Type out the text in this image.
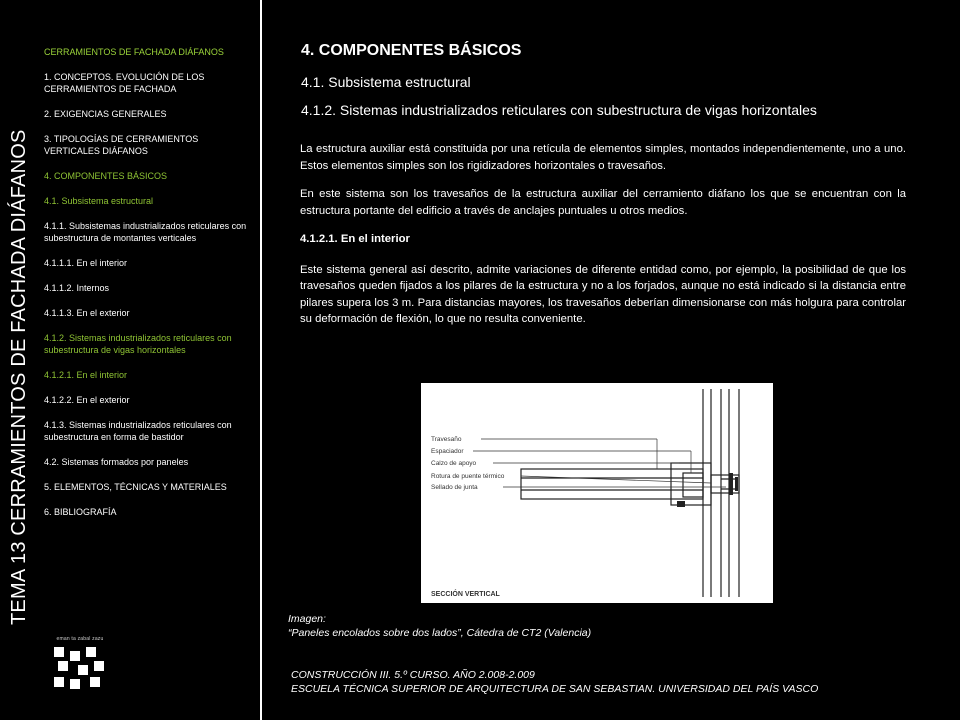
TEMA 13 CERRAMIENTOS DE FACHADA DIÁFANOS
CERRAMIENTOS DE FACHADA DIÁFANOS
1. CONCEPTOS. EVOLUCIÓN DE LOS CERRAMIENTOS DE FACHADA
2. EXIGENCIAS GENERALES
3. TIPOLOGÍAS DE CERRAMIENTOS VERTICALES DIÁFANOS
4. COMPONENTES BÁSICOS
4.1. Subsistema estructural
4.1.1. Subsistemas industrializados reticulares con subestructura de montantes verticales
4.1.1.1. En el interior
4.1.1.2. Internos
4.1.1.3. En el exterior
4.1.2. Sistemas industrializados reticulares con subestructura de vigas horizontales
4.1.2.1. En el interior
4.1.2.2. En el exterior
4.1.3. Sistemas industrializados reticulares con subestructura en forma de bastidor
4.2. Sistemas formados por paneles
5. ELEMENTOS, TÉCNICAS Y MATERIALES
6. BIBLIOGRAFÍA
eman ta zabal zazu
4. COMPONENTES BÁSICOS
4.1. Subsistema estructural
4.1.2. Sistemas industrializados reticulares con subestructura de vigas horizontales

La estructura auxiliar está constituida por una retícula de elementos simples, montados independientemente, uno a uno. Estos elementos simples son los rigidizadores horizontales o travesaños.

En este sistema son los travesaños de la estructura auxiliar del cerramiento diáfano los que se encuentran con la estructura portante del edificio a través de anclajes puntuales u otros medios.

4.1.2.1. En el interior

Este sistema general así descrito, admite variaciones de diferente entidad como, por ejemplo, la posibilidad de que los travesaños queden fijados a los pilares de la estructura y no a los forjados, aunque no está indicado si la distancia entre pilares supera los 3 m. Para distancias mayores, los travesaños deberían dimensionarse con más holgura para controlar su deformación de flexión, lo que no resulta conveniente.

Travesaño
Espaciador
Calzo de apoyo
Rotura de puente térmico
Sellado de junta
SECCIÓN VERTICAL
Imagen:
“Paneles encolados sobre dos lados”, Cátedra de CT2 (Valencia)
CONSTRUCCIÓN III. 5.º CURSO. AÑO 2.008-2.009
ESCUELA TÉCNICA SUPERIOR DE ARQUITECTURA DE SAN SEBASTIAN. UNIVERSIDAD DEL PAÍS VASCO
